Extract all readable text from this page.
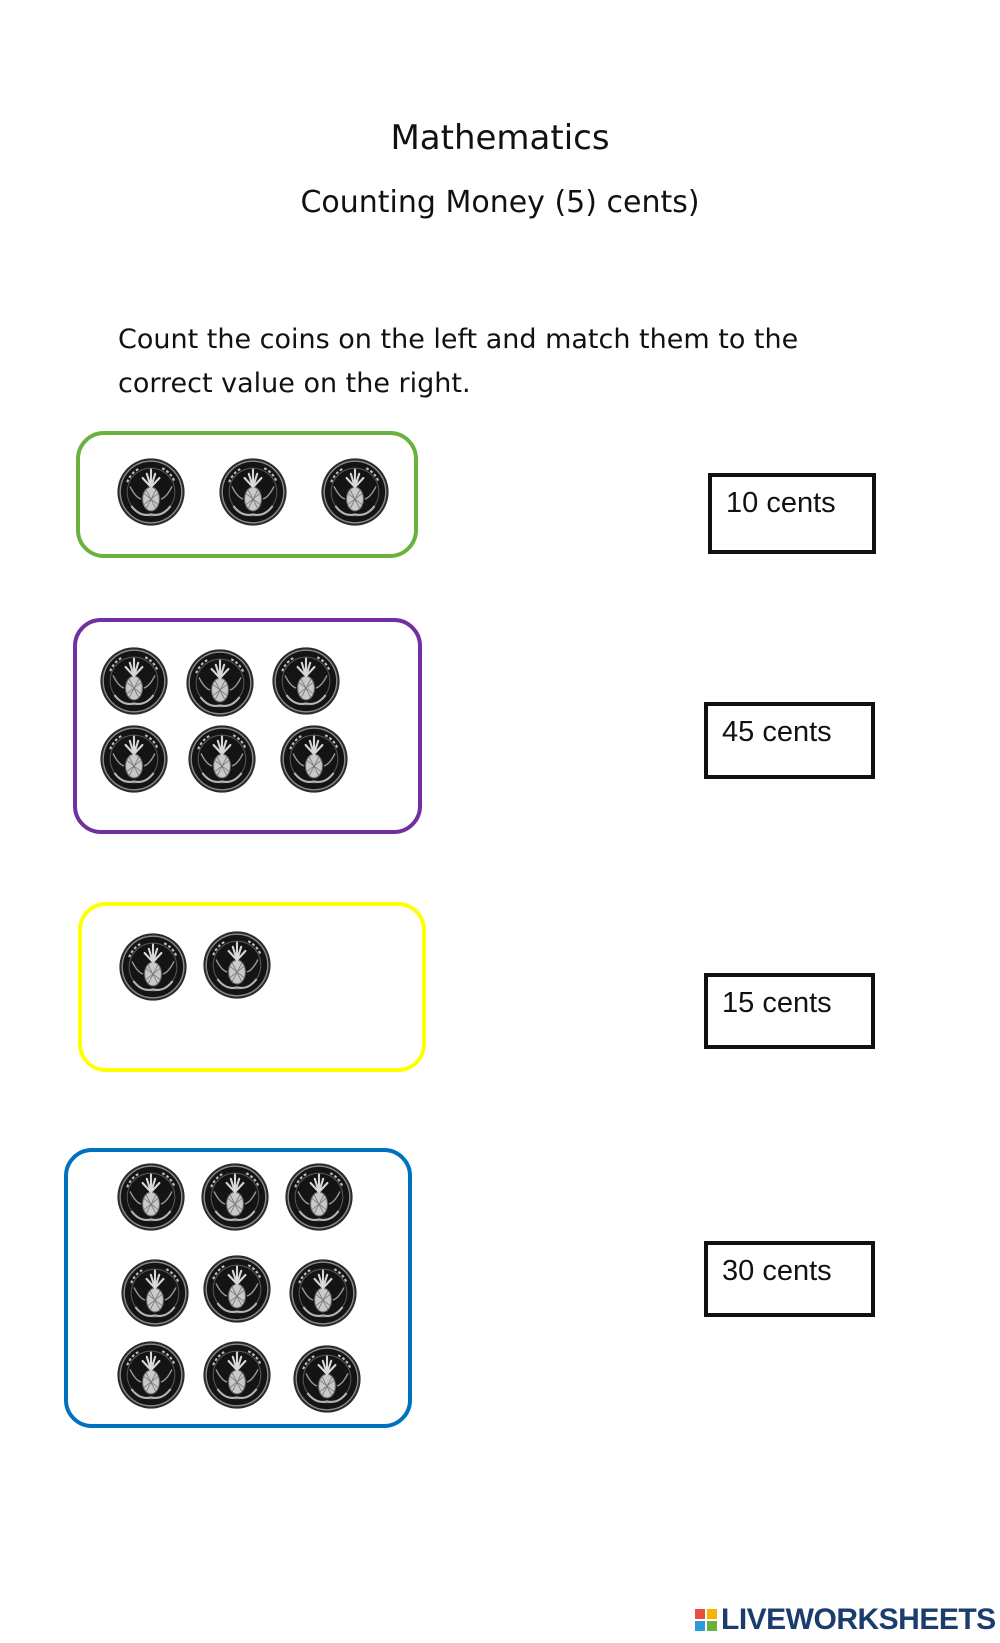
Mathematics
Counting Money (5) cents)
Count the coins on the left and match them to the
correct value on the right.
10 cents
45 cents
15 cents
30 cents
LIVEWORKSHEETS
